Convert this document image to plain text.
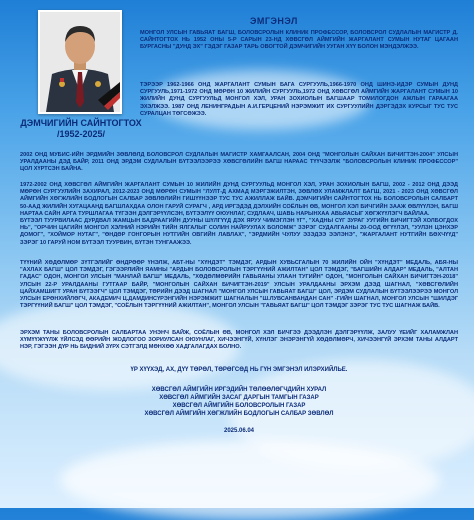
ДЭМЧИГИЙН САЙНТОГТОХ
/1952-2025/
ЭМГЭНЭЛ
МОНГОЛ УЛСЫН ГАВЬЯАТ БАГШ, БОЛОВСРОЛЫН КЛИНИК ПРОФЕССОР, БОЛОВСРОЛ СУДЛАЛЫН МАГИСТР Д. САЙНТОГТОХ НЬ 1952 ОНЫ 5-Р САРЫН 23-НД ХӨВСГӨЛ АЙМГИЙН ЖАРГАЛАНТ СУМЫН НУТАГ ЦАГААН БУРГАСНЫ "ДУНД ЭХ" ГЭДЭГ ГАЗАР ТАРЬ ОВОГТОЙ ДЭМЧИГИЙН УУГАН ХҮҮ БОЛОН МЭНДЭЛЖЭЭ.
ТЭРЭЭР 1962-1966 ОНД ЖАРГАЛАНТ СУМЫН БАГА СУРГУУЛЬ,1966-1970 ОНД ШИНЭ-ИДЭР СУМЫН ДУНД СУРГУУЛЬ,1971-1972 ОНД МӨРӨН 10 ЖИЛИЙН СУРГУУЛЬ,1972 ОНД ХӨВСГӨЛ АЙМГИЙН ЖАРГАЛАНТ СУМЫН 10 ЖИЛИЙН ДУНД СУРГУУЛЬД МОНГОЛ ХЭЛ, УРАН ЗОХИОЛЫН БАГШААР ТОМИЛОГДОН АЖЛЫН ГАРААГАА ЭХЭЛЖЭЭ. 1987 ОНД ЛЕНИНГРАДЫН А.И.ГЕРЦЕНИЙ НЭРЭМЖИТ ИХ СУРГУУЛИЙН ДЭРГЭДЭХ КУРСЫГ ТУС ТУС СУРАЛЦАН ТӨГСӨЖЭЭ.
2002 ОНД МУБИС-ИЙН ЭРДМИЙН ЗӨВЛӨЛД БОЛОВСРОЛ СУДЛАЛЫН МАГИСТР ХАМГААЛСАН, 2004 ОНД "МОНГОЛЫН САЙХАН БИЧИГТЭН-2004" УЛСЫН УРАЛДААНЫ ДЭД БАЙР, 2011 ОНД ЭРДЭМ СУДЛАЛЫН БҮТЭЭЛЭЭРЭЭ ХӨВСГӨЛИЙН БАГШ НАРААС ТҮҮЧЭЭЛЖ "БОЛОВСРОЛЫН КЛИНИК ПРОФЕССОР" ЦОЛ ХҮРТСЭН БАЙНА.
1972-2002 ОНД ХӨВСГӨЛ АЙМГИЙН ЖАРГАЛАНТ СУМЫН 10 ЖИЛИЙН ДУНД СУРГУУЛЬД МОНГОЛ ХЭЛ, УРАН ЗОХИОЛЫН БАГШ, 2002 - 2012 ОНД ДЭЭД МӨРӨН СУРГУУЛИЙН ЗАХИРАЛ, 2012-2023 ОНД МӨРӨН СУМЫН "ЛУЛТ-Д АХМАД МЭРГЭЖИЛТЭН, ЗӨВЛӨХ УЛАМЖЛАЛТ БАГШ, 2021 - 2023 ОНД ХӨВСГӨЛ АЙМГИЙН ХӨГЖЛИЙН БОДЛОГЫН САЛБАР ЗӨВЛӨЛИЙН ГИШҮҮНЭЭР ТУС ТУС АЖИЛЛАЖ БАЙВ. ДЭМЧИГИЙН САЙНТОГТОХ НЬ БОЛОВСРОЛЫН САЛБАРТ 50-ААД ЖИЛИЙН ХУГАЦААНД БАГШЛАХДАА ОЛОН ГАРУЙ СУРАГЧ , АРД ИРГЭДЭД ДЭЛХИЙН СОЁЛЫН ӨВ, МОНГОЛ ХЭЛ БИЧГИЙН ЗААЖ ӨВЛҮҮЛЭН, БАГШ НАРТАА САЙН АРГА ТУРШЛАГАА ТҮГЭЭН ДЭЛГЭРҮҮЛСЭН, БҮТЭЭЛҮҮ ОЮУНЛАГ, СУДЛААЧ, ШАВЬ НАРЫНХАА АВЬЯАСЫГ ХӨГЖҮҮЛЭГЧ БАЙЛАА.
БҮТЭЭЛ ТУУРВИЛААС ДУРДВАЛ ЖАМЦЫН БАДРААГИЙН ДУУНЫ ШҮЛГҮҮД ДЭХ ЯРУУ ЧИМЭГЛЭН ҮГ", "ХАДНЫ СҮГ ЗУРАГ УУГИЙН БИЧИГТЭЙ ХОЛБОГДОХ НЬ", "ОРЧИН ЦАГИЙН МОНГОЛ ХЭЛНИЙ НЭРИЙН ТИЙН ЯЛГАЛЫГ СОЛИН НАЙРУУЛАХ БОЛОМЖ" ЗЭРЭГ СУДАЛГААНЫ 20-ООД ӨГҮҮЛЭЛ, "УУЛЗН ЦЭНХЭР ДОМОГ", "ХОЙМОР НУТАГ", "ӨНДӨР ГОНГОРЫН НУТГИЙН ОВГИЙН ЛАВЛАХ", "ЭРДМИЙН ЧУЛУУ ЭЗЭДЭЭ ЭЭЛЭНЭ", "ЖАРГАЛАНТ НУТГИЙН БӨХЧҮҮД" ЗЭРЭГ 10 ГАРУЙ НОМ БҮТЭЭЛ ТУУРВИН, БҮТЭН ТУНГААЖЭЭ.
ТҮҮНИЙ ХӨДӨЛМӨР ЗҮТГЭЛИЙГ ӨНДРӨӨР ҮНЭЛЖ, АБТ-НЫ "ХҮНДЭТ" ТЭМДЭГ, АРДЫН ХУВЬСГАЛЫН 70 ЖИЛИЙН ОЙН "ХҮНДЭТ" МЕДАЛЬ, АБЯ-НЫ "АХЛАХ БАГШ" ЦОЛ ТЭМДЭГ, ГЭГЭЭРЛИЙН ЯАМНЫ "АРДЫН БОЛОВСРОЛЫН ТЭРГҮҮНИЙ АЖИЛТАН" ЦОЛ ТЭМДЭГ, "БАГШИЙН АЛДАР" МЕДАЛЬ, "АЛТАН ГАДАС" ОДОН, МОНГОЛ УЛСЫН "МАНЛАЙ БАГШ" МЕДАЛЬ, "ХӨДӨЛМӨРИЙН ГАВЬЯАНЫ УЛААН ТУГИЙН" ОДОН, "МОНГОЛЫН САЙХАН БИЧИГТЭН-2018" УЛСЫН 22-Р УРАЛДААНЫ ГУТГААР БАЙР, "МОНГОЛЫН САЙХАН БИЧИГТЭН-2019" УЛСЫН УРАЛДААНЫ ЭРХЭМ ДЭЭД ШАГНАЛ, "ХӨВСГӨЛИЙН ЦАЙХАМШИГТ УРАН БҮТЭЭГЧ" ЦОЛ ТЭМДЭГ, ТӨРИЙН ДЭЭД ШАГНАЛ "МОНГОЛ УЛСЫН ГАВЬЯАТ БАГШ" ЦОЛ, ЭРДЭМ СУДЛАЛЫН БҮТЭЭЛЭЭРЭЭ МОНГОЛ УЛСЫН ЕРӨНХИЙЛӨГЧ, АКАДЕМИЧ Ц.ДАМДИНСҮРЭНГИЙН НЭРЭМЖИТ ШАГНАЛЫН "Ш.ЛУВСАНВАНДАН САН" -ГИЙН ШАГНАЛ, МОНГОЛ УЛСЫН "ШИЛДЭГ ТЭРГҮҮНИЙ БАГШ" ЦОЛ ТЭМДЭГ, "СОЁЛЫН ТЭРГҮҮНИЙ АЖИЛТАН", МОНГОЛ УЛСЫН "ГАВЬЯАТ БАГШ" ЦОЛ ТЭМДЭГ ЗЭРЭГ ТУС ТУС ШАГНАЖ БАЙВ.
ЭРХЭМ ТАНЫ БОЛОВСРОЛЫН САЛБАРТАА УНЭНЧ БАЙЖ, СОЁЛЫН ӨВ, МОНГОЛ ХЭЛ БИЧГЭЭ ДЭЭДЛЭН ДЭЛГЭРҮҮЛЖ, ЗАЛУУ ҮЕИЙГ ХАЛАМЖЛАН ХҮМҮҮЖҮҮЛЖ ҮЙЛСЭД ӨӨРИЙН ЖОДЛОГОО ЗОРИУЛСАН ОЮУНЛАГ, ХИЧЭЭНГҮЙ, ХҮНЛЭГ ЭНЭРЭНГҮЙ ХӨДӨЛМӨРЧ, ХИЧЭЭНГҮЙ ЭРХЭМ ТАНЫ АЛДАРТ НЭР, ГЭГЭЭН ДҮР НЬ БИДНИЙ ЗҮРХ СЭТГЭЛД МӨНХӨӨ ХАДГАЛАГДАХ БОЛНО.
ҮР ХҮҮХЭД, АХ, ДҮҮ ТӨРӨЛ, ТӨРӨГСӨД НЬ ГҮН ЭМГЭНЭЛ ИЛЭРХИЙЛЬЕ.
ХӨВСГӨЛ АЙМГИЙН ИРГЭДИЙН ТӨЛӨӨЛӨГЧДИЙН ХУРАЛ
ХӨВСГӨЛ АЙМГИЙН ЗАСАГ ДАРГЫН ТАМГЫН ГАЗАР
ХӨВСГӨЛ АЙМГИЙН БОЛОВСРОЛЫН ГАЗАР
ХӨВСГӨЛ АЙМГИЙН ХӨГЖЛИЙН БОДЛОГЫН САЛБАР ЗӨВЛӨЛ
2025.06.04
